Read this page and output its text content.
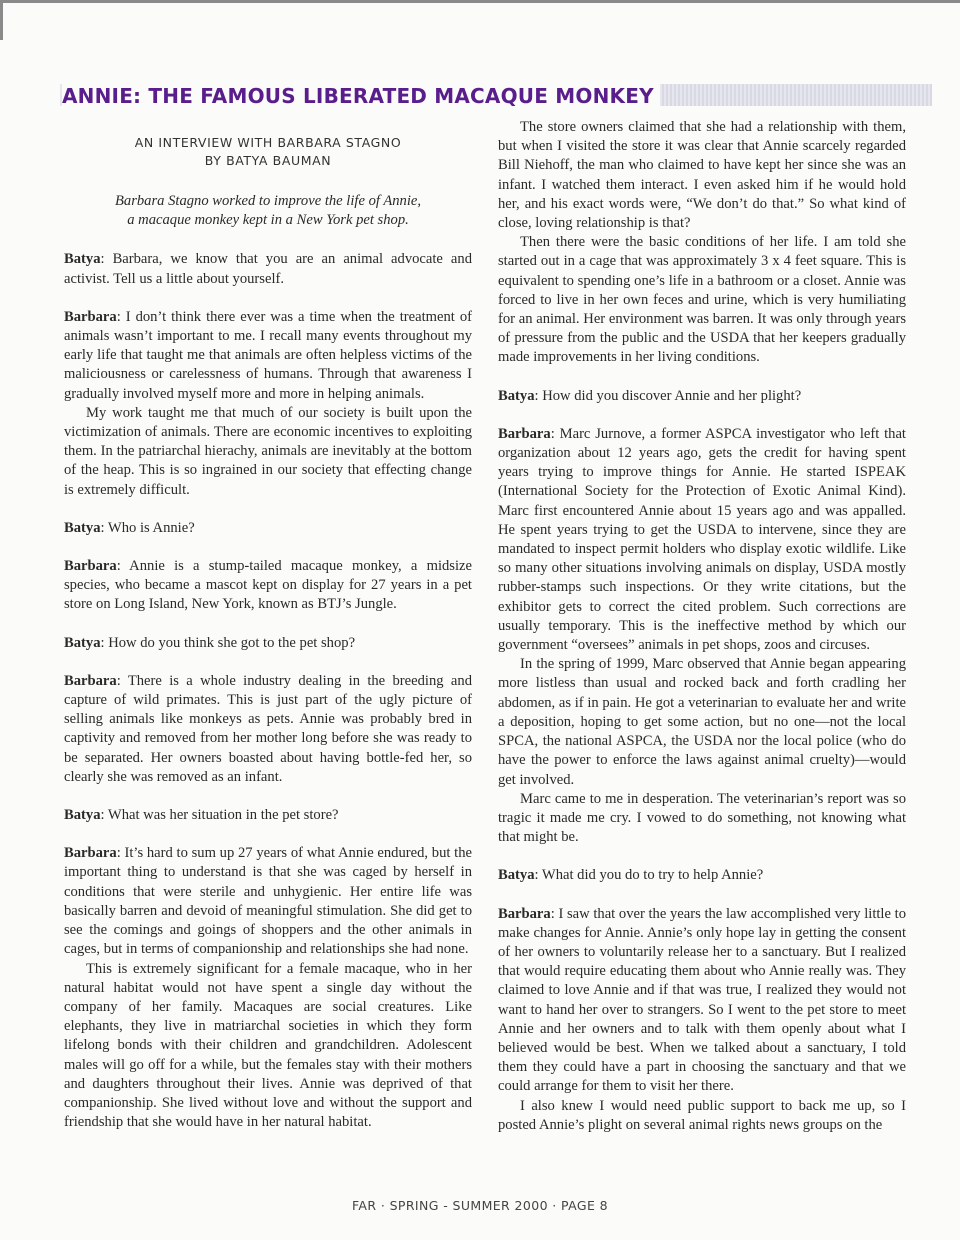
ANNIE: THE FAMOUS LIBERATED MACAQUE MONKEY
AN INTERVIEW WITH BARBARA STAGNO
BY BATYA BAUMAN
Barbara Stagno worked to improve the life of Annie,
a macaque monkey kept in a New York pet shop.

Batya: Barbara, we know that you are an animal advocate and activist. Tell us a little about yourself.

Barbara: I don’t think there ever was a time when the treatment of animals wasn’t important to me. I recall many events throughout my early life that taught me that animals are often helpless victims of the maliciousness or carelessness of humans. Through that awareness I gradually involved myself more and more in helping animals.

My work taught me that much of our society is built upon the victimization of animals. There are economic incentives to exploiting them. In the patriarchal hierachy, animals are inevitably at the bottom of the heap. This is so ingrained in our society that effecting change is extremely difficult.

Batya: Who is Annie?

Barbara: Annie is a stump-tailed macaque monkey, a midsize species, who became a mascot kept on display for 27 years in a pet store on Long Island, New York, known as BTJ’s Jungle.

Batya: How do you think she got to the pet shop?

Barbara: There is a whole industry dealing in the breeding and capture of wild primates. This is just part of the ugly picture of selling animals like monkeys as pets. Annie was probably bred in captivity and removed from her mother long before she was ready to be separated. Her owners boasted about having bottle-fed her, so clearly she was removed as an infant.

Batya: What was her situation in the pet store?

Barbara: It’s hard to sum up 27 years of what Annie endured, but the important thing to understand is that she was caged by herself in conditions that were sterile and unhygienic. Her entire life was basically barren and devoid of meaningful stimulation. She did get to see the comings and goings of shoppers and the other animals in cages, but in terms of companionship and relationships she had none.

This is extremely significant for a female macaque, who in her natural habitat would not have spent a single day without the company of her family. Macaques are social creatures. Like elephants, they live in matriarchal societies in which they form lifelong bonds with their children and grandchildren. Adolescent males will go off for a while, but the females stay with their mothers and daughters throughout their lives. Annie was deprived of that companionship. She lived without love and without the support and friendship that she would have in her natural habitat.

The store owners claimed that she had a relationship with them, but when I visited the store it was clear that Annie scarcely regarded Bill Niehoff, the man who claimed to have kept her since she was an infant. I watched them interact. I even asked him if he would hold her, and his exact words were, “We don’t do that.” So what kind of close, loving relationship is that?

Then there were the basic conditions of her life. I am told she started out in a cage that was approximately 3 x 4 feet square. This is equivalent to spending one’s life in a bathroom or a closet. Annie was forced to live in her own feces and urine, which is very humiliating for an animal. Her environment was barren. It was only through years of pressure from the public and the USDA that her keepers gradually made improvements in her living conditions.

Batya: How did you discover Annie and her plight?

Barbara: Marc Jurnove, a former ASPCA investigator who left that organization about 12 years ago, gets the credit for having spent years trying to improve things for Annie. He started ISPEAK (International Society for the Protection of Exotic Animal Kind). Marc first encountered Annie about 15 years ago and was appalled. He spent years trying to get the USDA to intervene, since they are mandated to inspect permit holders who display exotic wildlife. Like so many other situations involving animals on display, USDA mostly rubber-stamps such inspections. Or they write citations, but the exhibitor gets to correct the cited problem. Such corrections are usually temporary. This is the ineffective method by which our government “oversees” animals in pet shops, zoos and circuses.

In the spring of 1999, Marc observed that Annie began appearing more listless than usual and rocked back and forth cradling her abdomen, as if in pain. He got a veterinarian to evaluate her and write a deposition, hoping to get some action, but no one—not the local SPCA, the national ASPCA, the USDA nor the local police (who do have the power to enforce the laws against animal cruelty)—would get involved.

Marc came to me in desperation. The veterinarian’s report was so tragic it made me cry. I vowed to do something, not knowing what that might be.

Batya: What did you do to try to help Annie?

Barbara: I saw that over the years the law accomplished very little to make changes for Annie. Annie’s only hope lay in getting the consent of her owners to voluntarily release her to a sanctuary. But I realized that would require educating them about who Annie really was. They claimed to love Annie and if that was true, I realized they would not want to hand her over to strangers. So I went to the pet store to meet Annie and her owners and to talk with them openly about what I believed would be best. When we talked about a sanctuary, I told them they could have a part in choosing the sanctuary and that we could arrange for them to visit her there.

I also knew I would need public support to back me up, so I posted Annie’s plight on several animal rights news groups on the

FAR · SPRING - SUMMER 2000 · PAGE 8
